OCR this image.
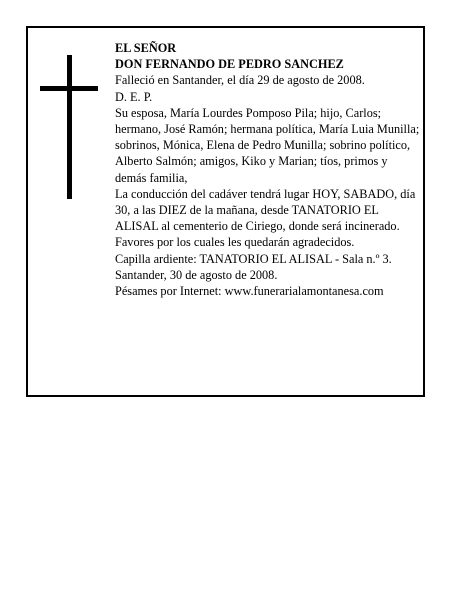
EL SEÑOR

DON FERNANDO DE PEDRO SANCHEZ

Falleció en Santander, el día 29 de agosto de 2008.

D. E. P.

Su esposa, María Lourdes Pomposo Pila; hijo, Carlos; hermano, José Ramón; hermana política, María Luia Munilla; sobrinos, Mónica, Elena de Pedro Munilla; sobrino político, Alberto Salmón; amigos, Kiko y Marian; tíos, primos y demás familia,

La conducción del cadáver tendrá lugar HOY, SABADO, día 30, a las DIEZ de la mañana, desde TANATORIO EL ALISAL al cementerio de Ciriego, donde será incinerado. Favores por los cuales les quedarán agradecidos.

Capilla ardiente: TANATORIO EL ALISAL - Sala n.º 3.

Santander, 30 de agosto de 2008.

Pésames por Internet: www.funerarialamontanesa.com
